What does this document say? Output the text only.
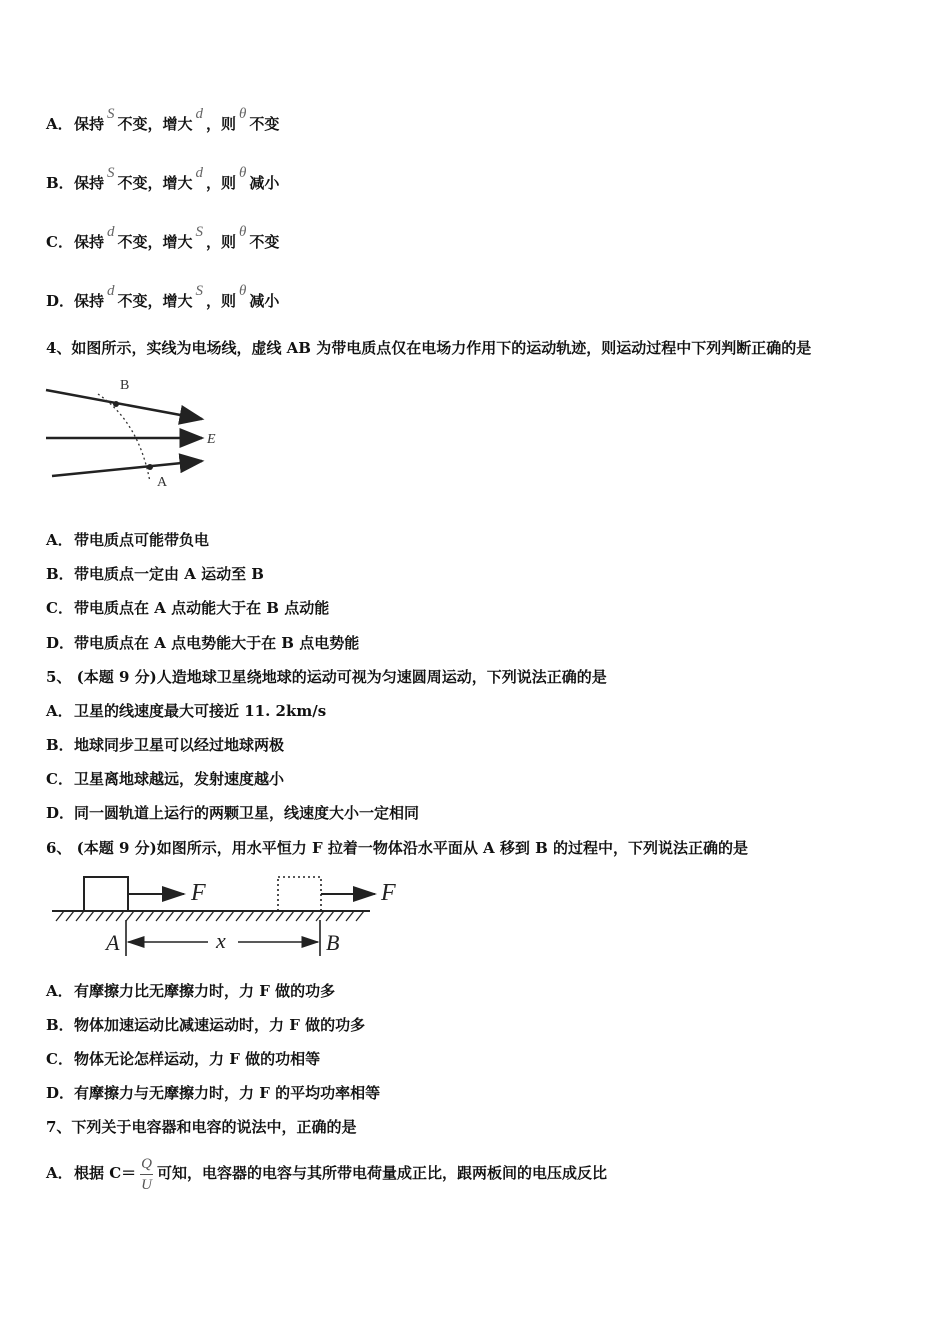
A．保持S不变，增大d，则θ不变
B．保持S不变，增大d，则θ减小
C．保持d不变，增大S，则θ不变
D．保持d不变，增大S，则θ减小
4、如图所示，实线为电场线，虚线 AB 为带电质点仅在电场力作用下的运动轨迹，则运动过程中下列判断正确的是
B
A
E
A．带电质点可能带负电
B．带电质点一定由 A 运动至 B
C．带电质点在 A 点动能大于在 B 点动能
D．带电质点在 A 点电势能大于在 B 点电势能
5、 (本题 9 分)人造地球卫星绕地球的运动可视为匀速圆周运动，下列说法正确的是
A．卫星的线速度最大可接近 11. 2km/s
B．地球同步卫星可以经过地球两极
C．卫星离地球越远，发射速度越小
D．同一圆轨道上运行的两颗卫星，线速度大小一定相同
6、 (本题 9 分)如图所示，用水平恒力 F 拉着一物体沿水平面从 A 移到 B 的过程中，下列说法正确的是
F	F
A	B
x
A．有摩擦力比无摩擦力时，力 F 做的功多
B．物体加速运动比减速运动时，力 F 做的功多
C．物体无论怎样运动，力 F 做的功相等
D．有摩擦力与无摩擦力时，力 F 的平均功率相等
7、下列关于电容器和电容的说法中，正确的是
A．根据 $C= \frac{Q}{U}$ 可知，电容器的电容与其所带电荷量成正比，跟两板间的电压成反比
